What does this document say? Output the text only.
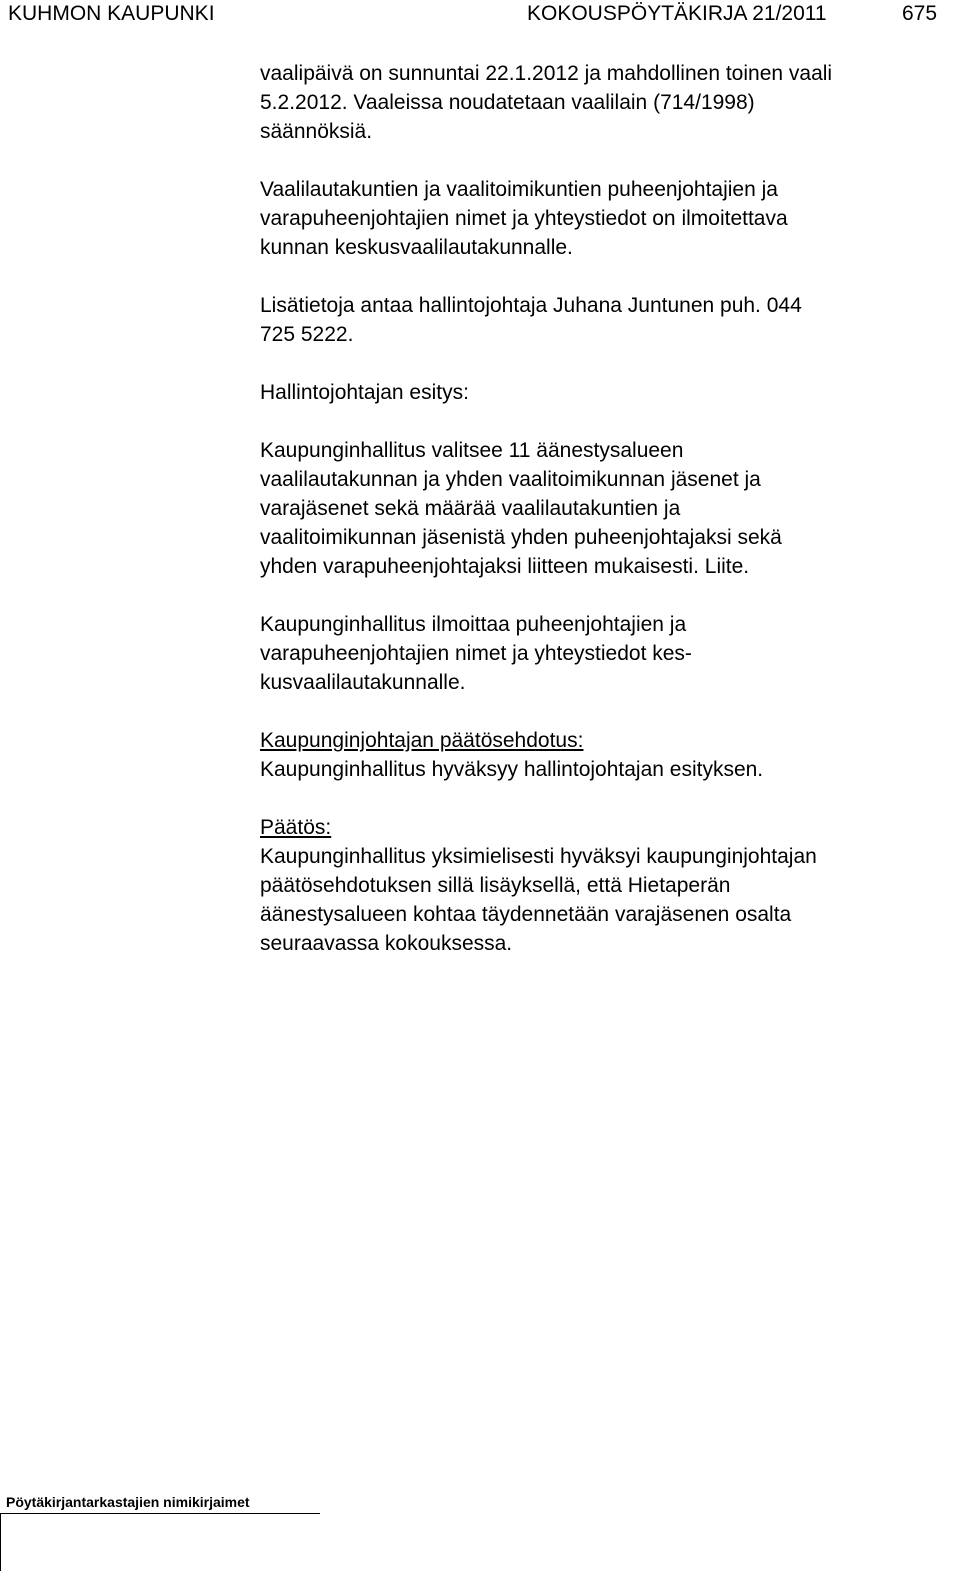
KUHMON KAUPUNKI	KOKOUSPÖYTÄKIRJA 21/2011	675

vaalipäivä on sunnuntai 22.1.2012 ja mahdollinen toinen vaali
5.2.2012. Vaaleissa noudatetaan vaalilain (714/1998)
säännöksiä.

Vaalilautakuntien ja vaalitoimikuntien puheenjohtajien ja
varapuheenjohtajien nimet ja yhteystiedot on ilmoitettava
kunnan keskusvaalilautakunnalle.

Lisätietoja antaa hallintojohtaja Juhana Juntunen puh. 044
725 5222.

Hallintojohtajan esitys:

Kaupunginhallitus valitsee 11 äänestysalueen
vaalilautakunnan ja yhden vaalitoimikunnan jäsenet ja
varajäsenet sekä määrää vaalilautakuntien ja
vaalitoimikunnan jäsenistä yhden puheenjohtajaksi sekä
yhden varapuheenjohtajaksi liitteen mukaisesti. Liite.

Kaupunginhallitus ilmoittaa puheenjohtajien ja
varapuheenjohtajien nimet ja yhteystiedot kes-
kusvaalilautakunnalle.

Kaupunginjohtajan päätösehdotus:

Kaupunginhallitus hyväksyy hallintojohtajan esityksen.

Päätös:

Kaupunginhallitus yksimielisesti hyväksyi kaupunginjohtajan
päätösehdotuksen sillä lisäyksellä, että Hietaperän
äänestysalueen kohtaa täydennetään varajäsenen osalta
seuraavassa kokouksessa.

Pöytäkirjantarkastajien nimikirjaimet
